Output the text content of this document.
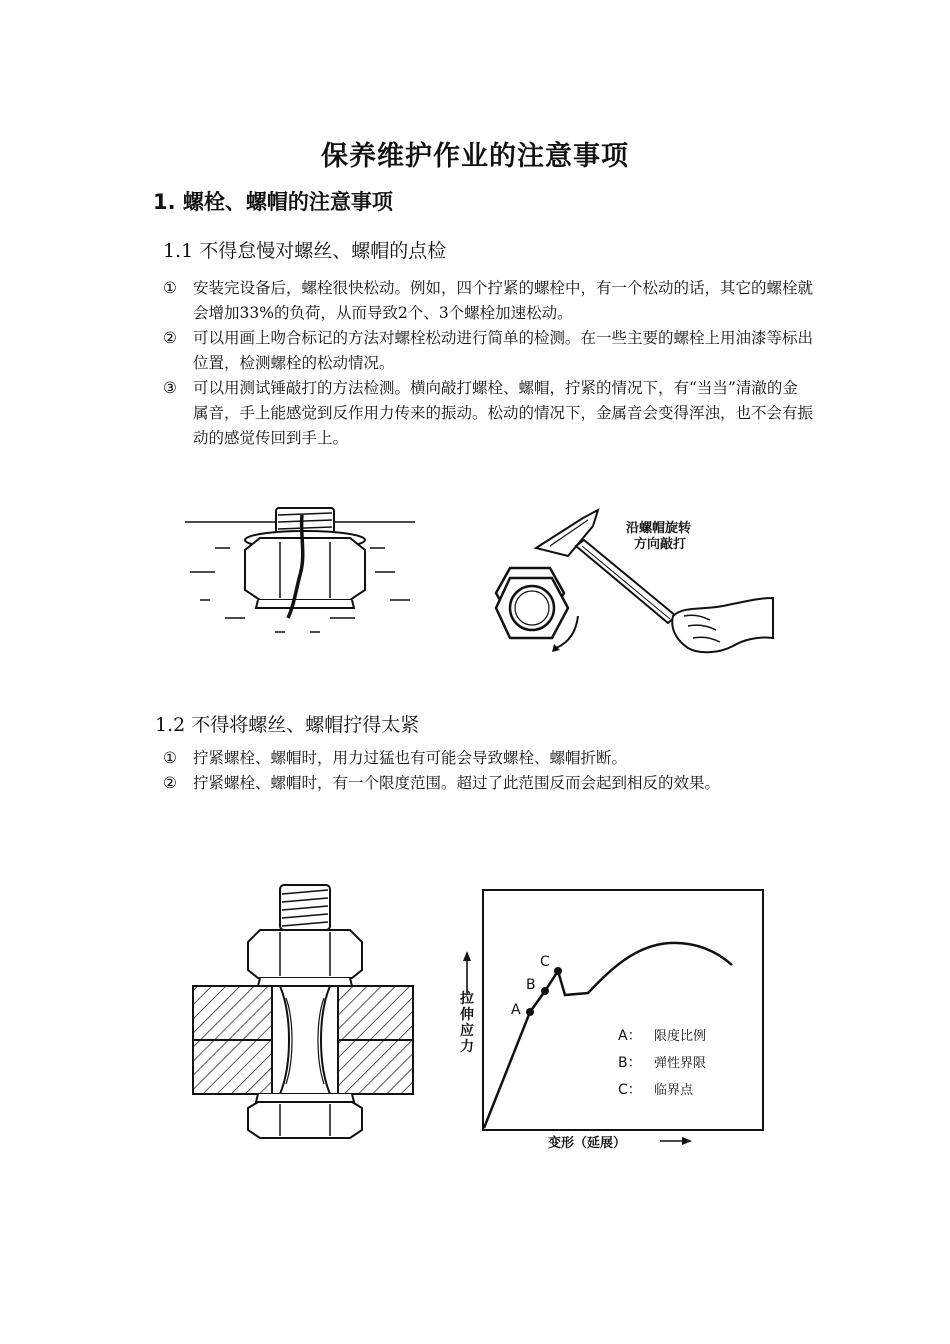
保养维护作业的注意事项
1. 螺栓、螺帽的注意事项
1.1 不得怠慢对螺丝、螺帽的点检
①	安装完设备后，螺栓很快松动。例如，四个拧紧的螺栓中，有一个松动的话，其它的螺栓就会增加33%的负荷，从而导致2个、3个螺栓加速松动。
②	可以用画上吻合标记的方法对螺栓松动进行简单的检测。在一些主要的螺栓上用油漆等标出位置，检测螺栓的松动情况。
③	可以用测试锤敲打的方法检测。横向敲打螺栓、螺帽，拧紧的情况下，有“当当”清澈的金属音，手上能感觉到反作用力传来的振动。松动的情况下，金属音会变得浑浊，也不会有振动的感觉传回到手上。
沿螺帽旋转
方向敲打
1.2 不得将螺丝、螺帽拧得太紧
①	拧紧螺栓、螺帽时，用力过猛也有可能会导致螺栓、螺帽折断。
②	拧紧螺栓、螺帽时，有一个限度范围。超过了此范围反而会起到相反的效果。
拉伸应力
变形（延展）
A
B
C
A： 限度比例
B： 弹性界限
C： 临界点
